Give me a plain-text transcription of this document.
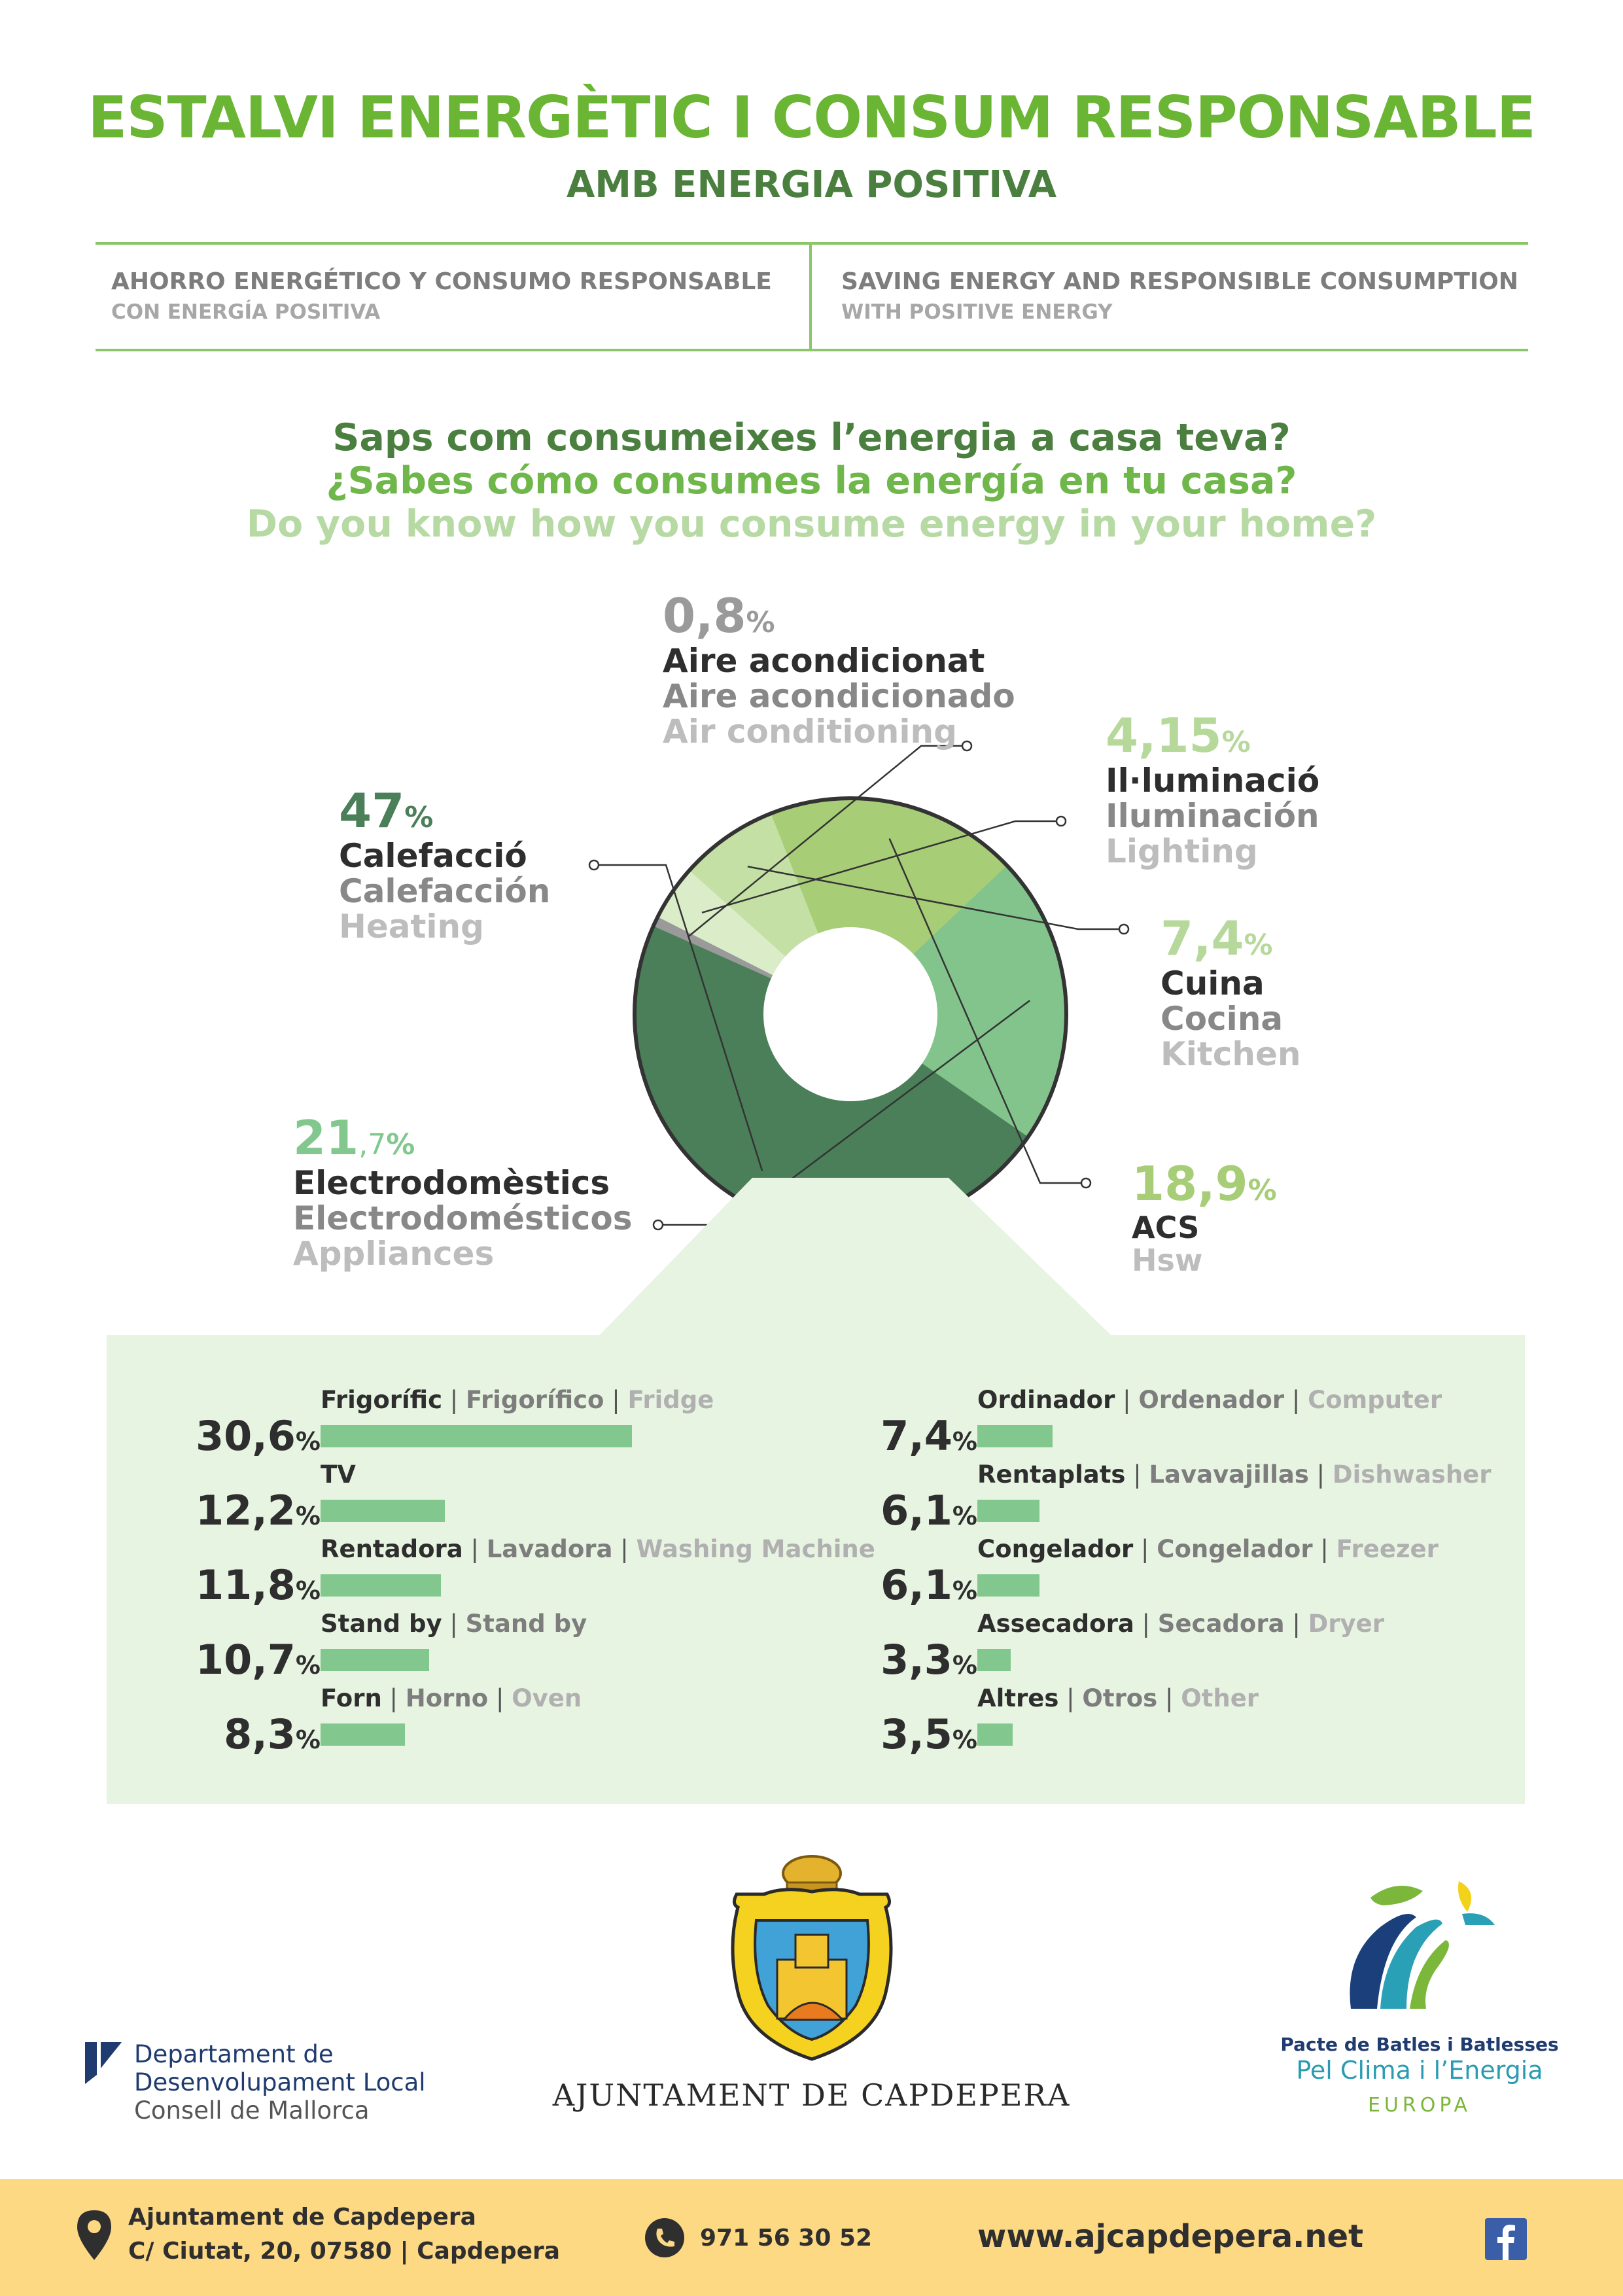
ESTALVI ENERGÈTIC I CONSUM RESPONSABLE
AMB ENERGIA POSITIVA
AHORRO ENERGÉTICO Y CONSUMO RESPONSABLE
CON ENERGÍA POSITIVA
SAVING ENERGY AND RESPONSIBLE CONSUMPTION
WITH POSITIVE ENERGY
Saps com consumeixes l’energia a casa teva?
¿Sabes cómo consumes la energía en tu casa?
Do you know how you consume energy in your home?
0,8%
Aire acondicionat
Aire acondicionado
Air conditioning	4,15%
Il·luminació
Iluminación
Lighting
47%
Calefacció
Calefacción
Heating	7,4%
Cuina
Cocina
Kitchen
21,7%
Electrodomèstics
Electrodomésticos
Appliances
18,9%
ACS
Hsw
30,6%
Frigorífic | Frigorífico | Fridge
12,2%
TV
11,8%
Rentadora | Lavadora | Washing Machine
10,7%
Stand by | Stand by
8,3%
Forn | Horno | Oven
7,4%
Ordinador | Ordenador | Computer
6,1%
Rentaplats | Lavavajillas | Dishwasher
6,1%
Congelador | Congelador | Freezer
3,3%
Assecadora | Secadora | Dryer
3,5%
Altres | Otros | Other
Departament de
Desenvolupament Local
Consell de Mallorca	AJUNTAMENT DE CAPDEPERA
Pacte de Batles i Batlesses
Pel Clima i l’Energia
EUROPA
Ajuntament de Capdepera
C/ Ciutat, 20, 07580 | Capdepera	971 56 30 52	www.ajcapdepera.net
